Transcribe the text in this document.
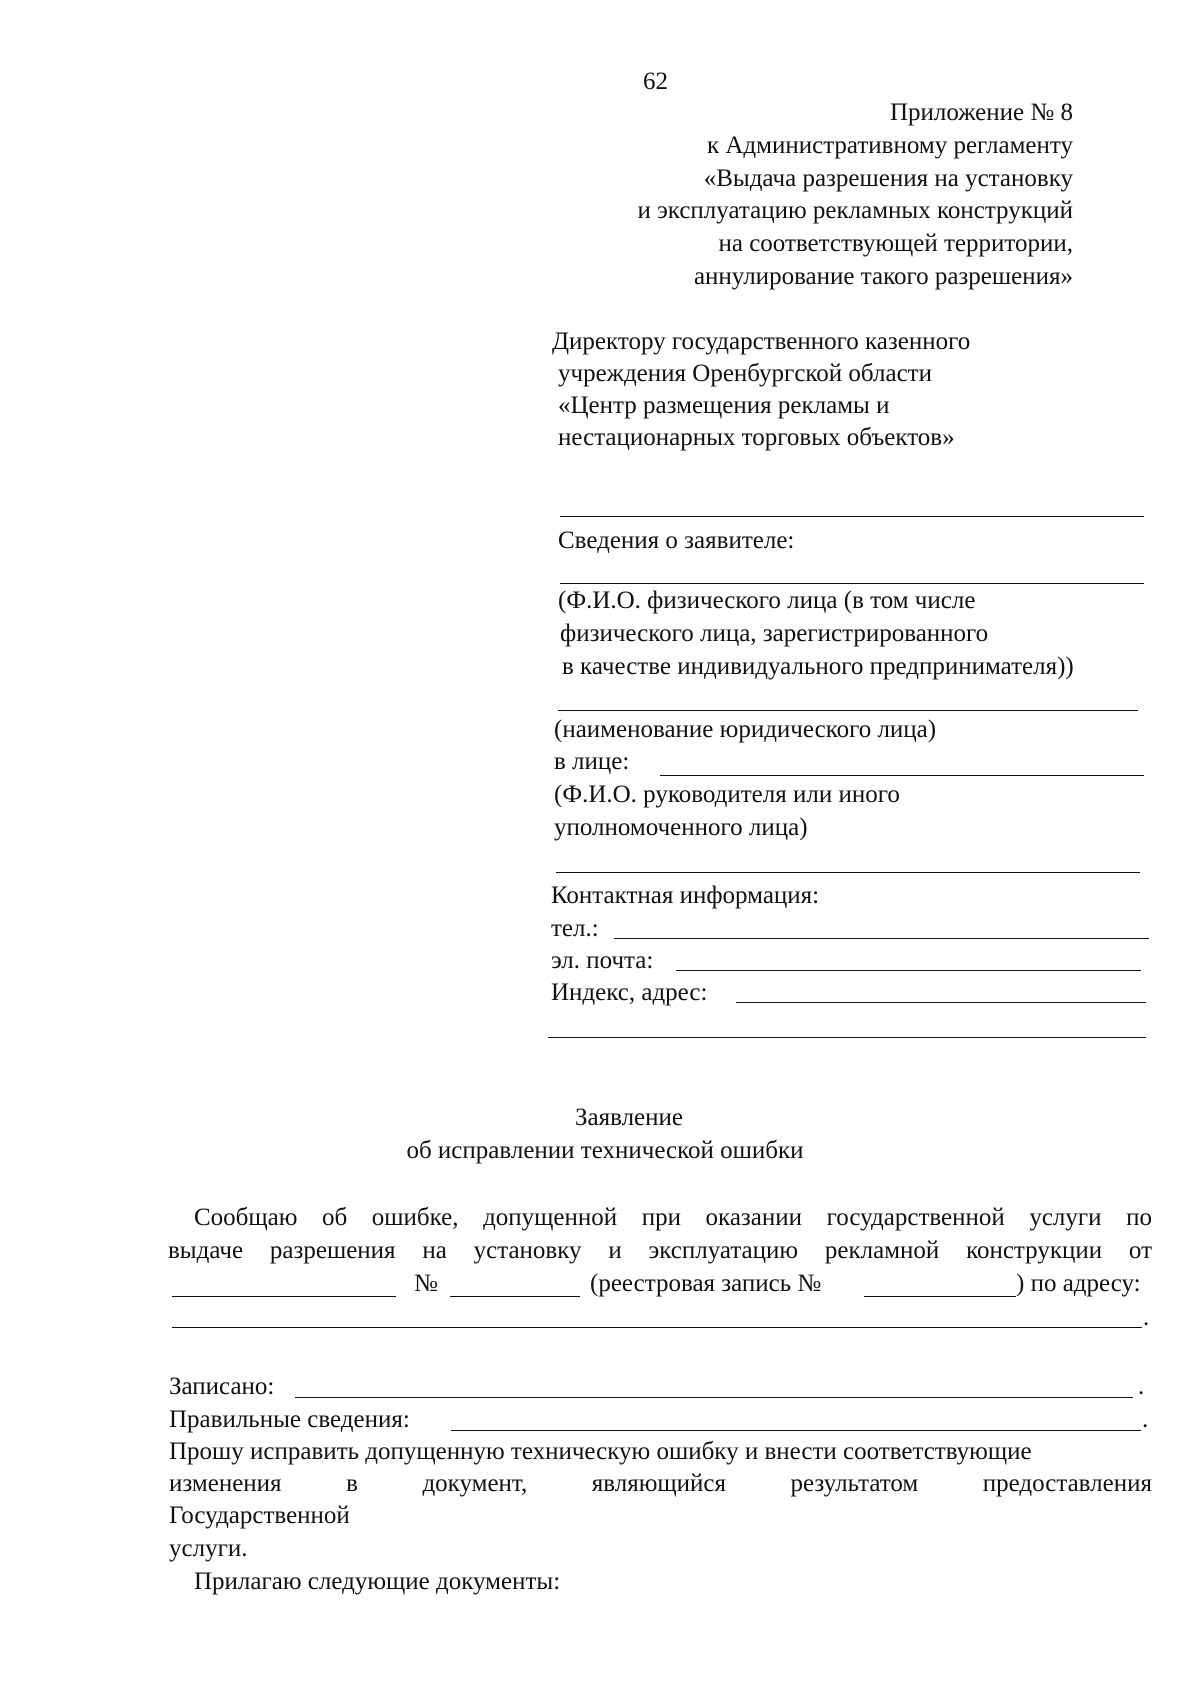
62
Приложение № 8
к Административному регламенту
«Выдача разрешения на установку
и эксплуатацию рекламных конструкций
на соответствующей территории,
аннулирование такого разрешения»
Директору государственного казенного
учреждения Оренбургской области
«Центр размещения рекламы и
нестационарных торговых объектов»
Сведения о заявителе:
(Ф.И.О. физического лица (в том числе
физического лица, зарегистрированного
в качестве индивидуального предпринимателя))
(наименование юридического лица)
в лице:
(Ф.И.О. руководителя или иного
уполномоченного лица)
Контактная информация:
тел.:
эл. почта:
Индекс, адрес:
Заявление
об исправлении технической ошибки
Сообщаю об ошибке, допущенной при оказании государственной услуги по
выдаче разрешения на установку и эксплуатацию рекламной конструкции от
№	(реестровая запись №	) по адресу:
.
Записано:	.
Правильные сведения:	.
Прошу исправить допущенную техническую ошибку и внести соответствующие
изменения в документ, являющийся результатом предоставления
Государственной
услуги.
Прилагаю следующие документы:
